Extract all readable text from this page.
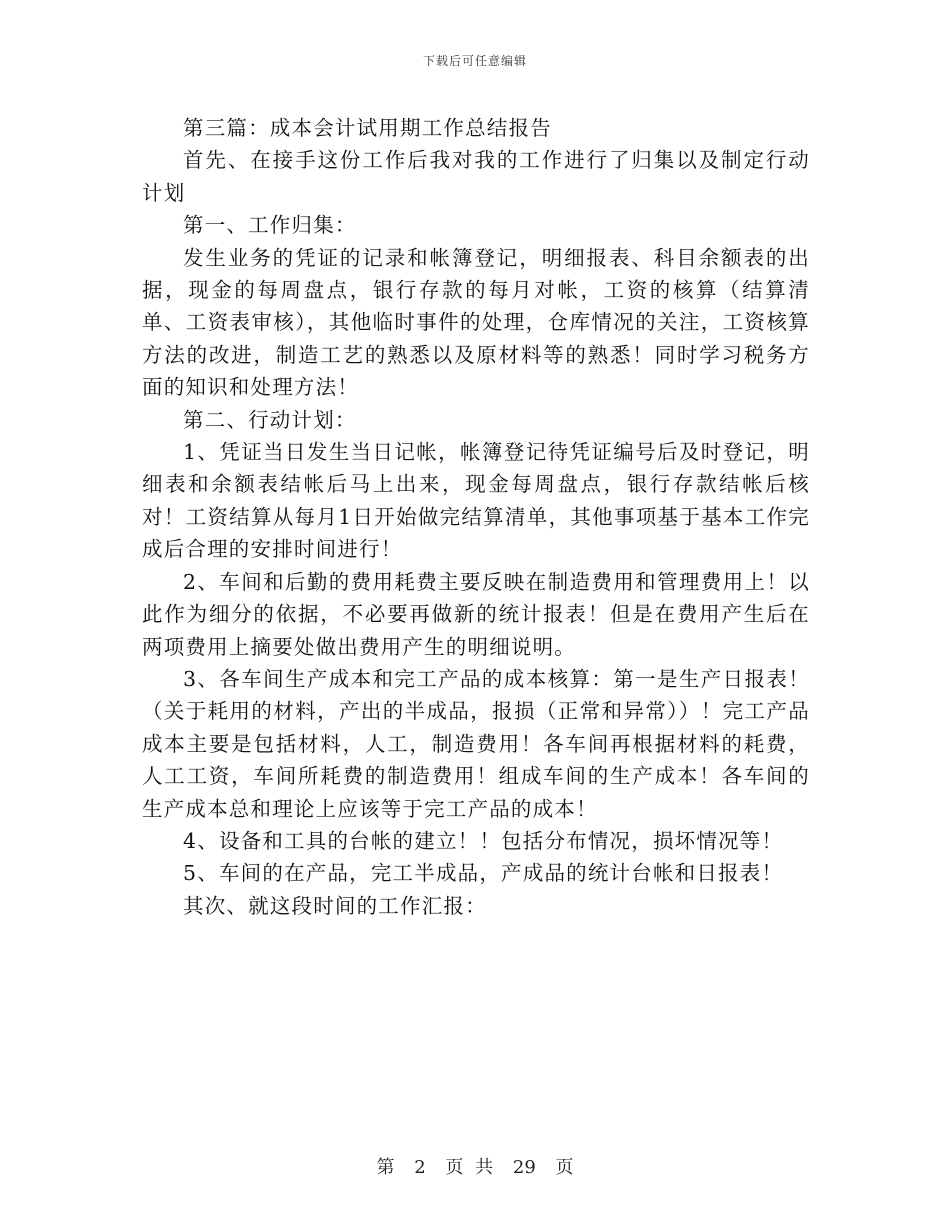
下载后可任意编辑

第三篇：成本会计试用期工作总结报告

首先、在接手这份工作后我对我的工作进行了归集以及制定行动计划

第一、工作归集：

发生业务的凭证的记录和帐簿登记，明细报表、科目余额表的出据，现金的每周盘点，银行存款的每月对帐，工资的核算（结算清单、工资表审核），其他临时事件的处理，仓库情况的关注，工资核算方法的改进，制造工艺的熟悉以及原材料等的熟悉！同时学习税务方面的知识和处理方法！

第二、行动计划：

1、凭证当日发生当日记帐，帐簿登记待凭证编号后及时登记，明细表和余额表结帐后马上出来，现金每周盘点，银行存款结帐后核对！工资结算从每月1日开始做完结算清单，其他事项基于基本工作完成后合理的安排时间进行！

2、车间和后勤的费用耗费主要反映在制造费用和管理费用上！以此作为细分的依据，不必要再做新的统计报表！但是在费用产生后在两项费用上摘要处做出费用产生的明细说明。

3、各车间生产成本和完工产品的成本核算：第一是生产日报表！（关于耗用的材料，产出的半成品，报损（正常和异常））！完工产品成本主要是包括材料，人工，制造费用！各车间再根据材料的耗费，人工工资，车间所耗费的制造费用！组成车间的生产成本！各车间的生产成本总和理论上应该等于完工产品的成本！

4、设备和工具的台帐的建立！！包括分布情况，损坏情况等！

5、车间的在产品，完工半成品，产成品的统计台帐和日报表！

其次、就这段时间的工作汇报：

第 2 页 共 29 页
